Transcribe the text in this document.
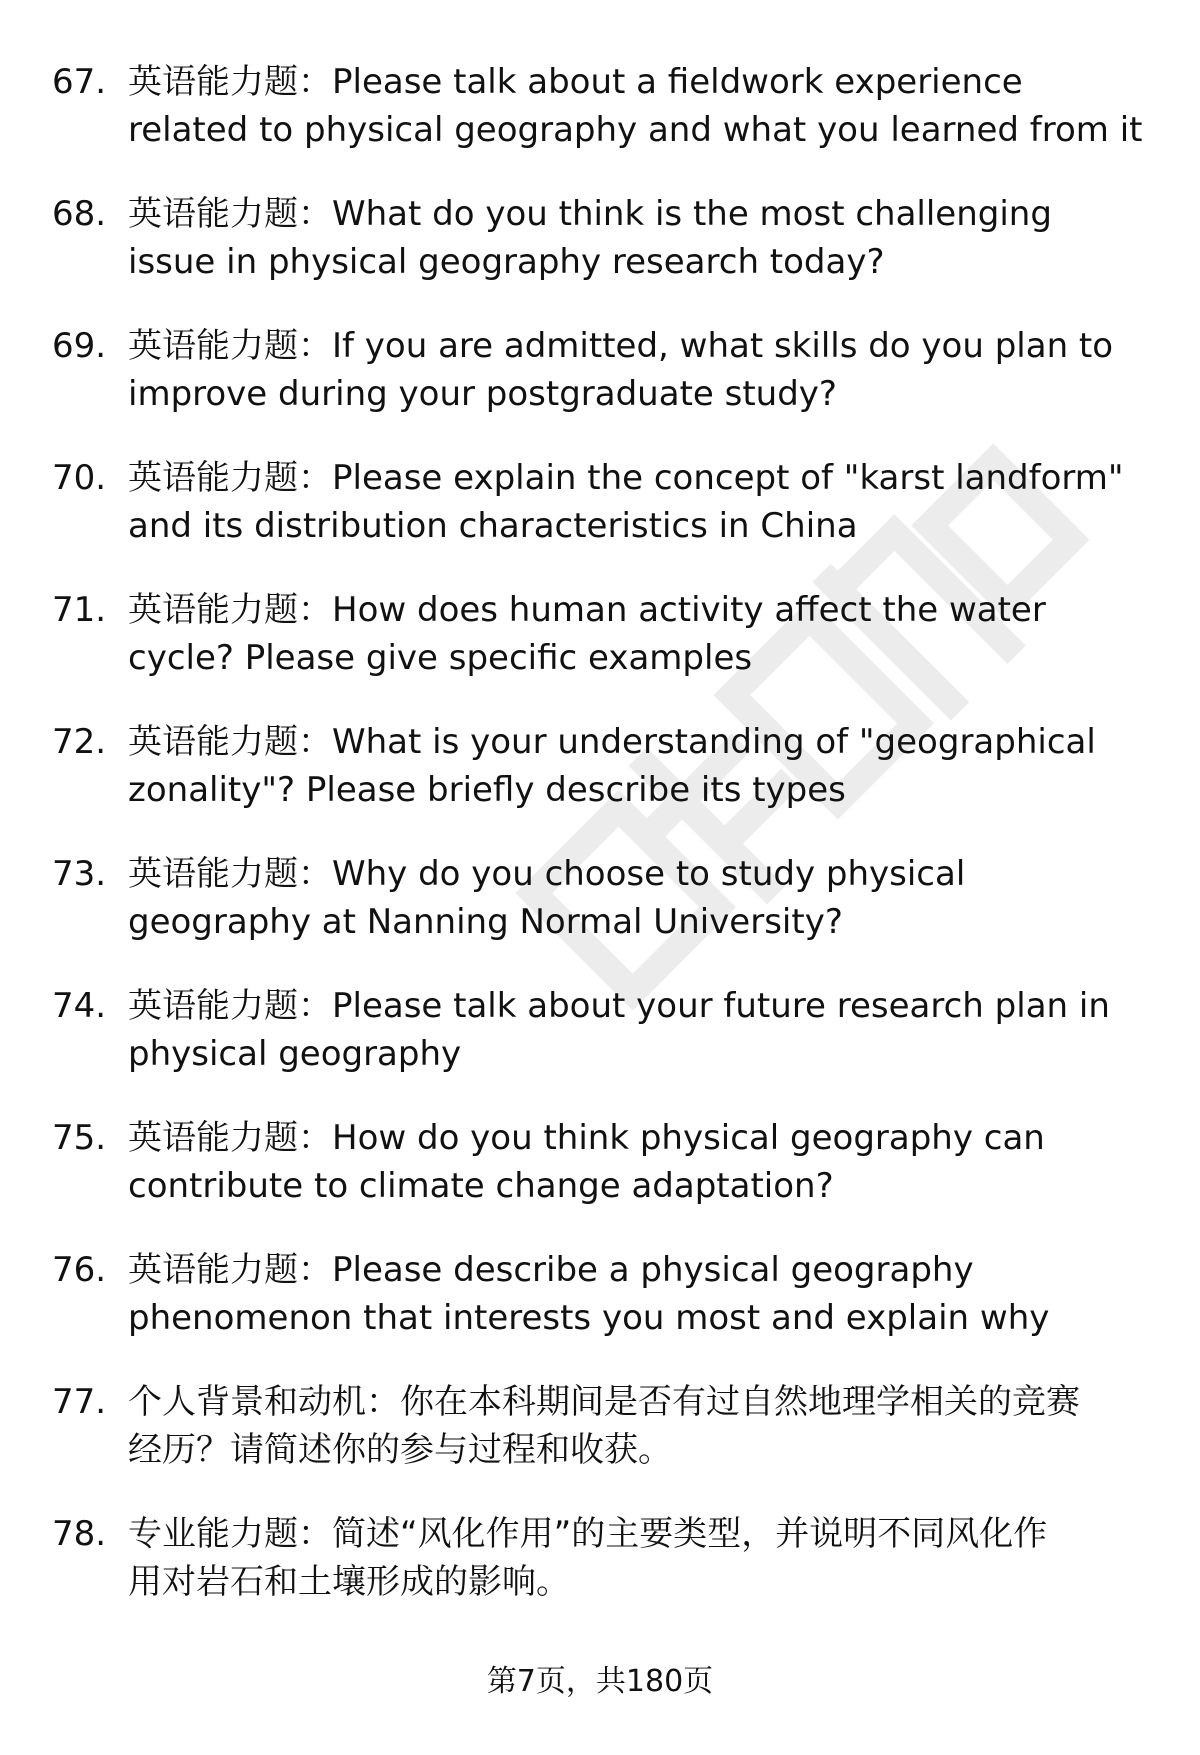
67. 英语能力题：Please talk about a fieldwork experience
related to physical geography and what you learned from it
68. 英语能力题：What do you think is the most challenging
issue in physical geography research today?
69. 英语能力题：If you are admitted, what skills do you plan to
improve during your postgraduate study?
70. 英语能力题：Please explain the concept of "karst landform"
and its distribution characteristics in China
71. 英语能力题：How does human activity affect the water
cycle? Please give specific examples
72. 英语能力题：What is your understanding of "geographical
zonality"? Please briefly describe its types
73. 英语能力题：Why do you choose to study physical
geography at Nanning Normal University?
74. 英语能力题：Please talk about your future research plan in
physical geography
75. 英语能力题：How do you think physical geography can
contribute to climate change adaptation?
76. 英语能力题：Please describe a physical geography
phenomenon that interests you most and explain why
77. 个人背景和动机：你在本科期间是否有过自然地理学相关的竞赛
经历？请简述你的参与过程和收获。
78. 专业能力题：简述“风化作用”的主要类型，并说明不同风化作
用对岩石和土壤形成的影响。
第7页，共180页
